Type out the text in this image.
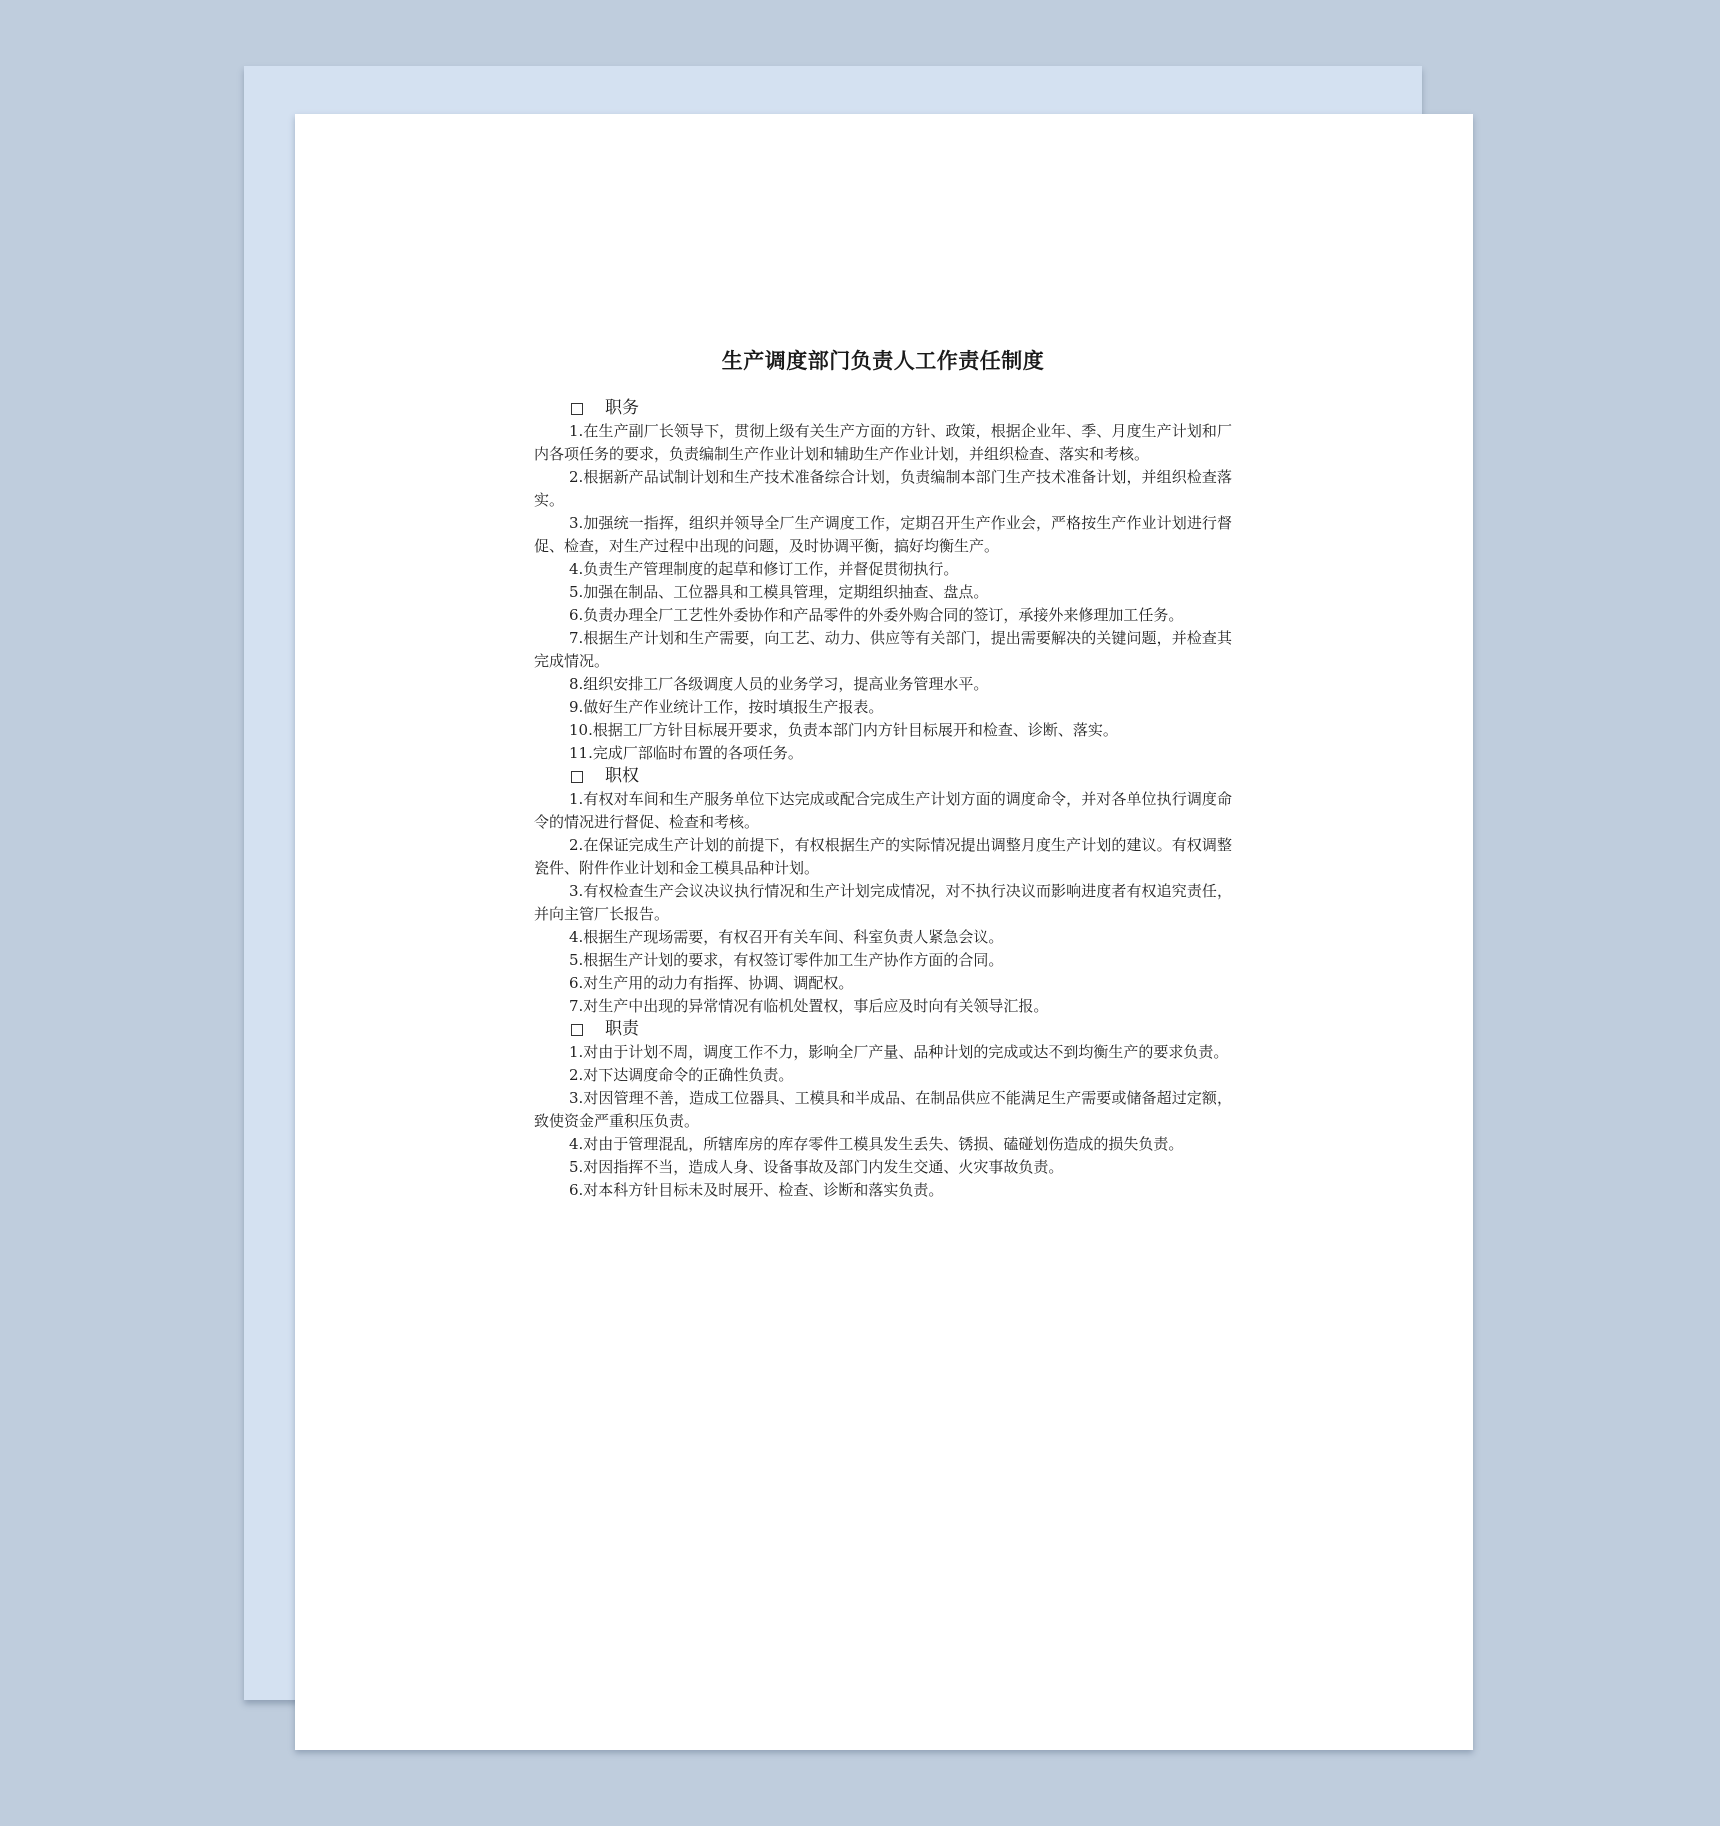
生产调度部门负责人工作责任制度
职务

1.在生产副厂长领导下，贯彻上级有关生产方面的方针、政策，根据企业年、季、月度生产计划和厂内各项任务的要求，负责编制生产作业计划和辅助生产作业计划，并组织检查、落实和考核。

2.根据新产品试制计划和生产技术准备综合计划，负责编制本部门生产技术准备计划，并组织检查落实。

3.加强统一指挥，组织并领导全厂生产调度工作，定期召开生产作业会，严格按生产作业计划进行督促、检查，对生产过程中出现的问题，及时协调平衡，搞好均衡生产。

4.负责生产管理制度的起草和修订工作，并督促贯彻执行。

5.加强在制品、工位器具和工模具管理，定期组织抽查、盘点。

6.负责办理全厂工艺性外委协作和产品零件的外委外购合同的签订，承接外来修理加工任务。

7.根据生产计划和生产需要，向工艺、动力、供应等有关部门，提出需要解决的关键问题，并检查其完成情况。

8.组织安排工厂各级调度人员的业务学习，提高业务管理水平。

9.做好生产作业统计工作，按时填报生产报表。

10.根据工厂方针目标展开要求，负责本部门内方针目标展开和检查、诊断、落实。

11.完成厂部临时布置的各项任务。

职权

1.有权对车间和生产服务单位下达完成或配合完成生产计划方面的调度命令，并对各单位执行调度命令的情况进行督促、检查和考核。

2.在保证完成生产计划的前提下，有权根据生产的实际情况提出调整月度生产计划的建议。有权调整瓷件、附件作业计划和金工模具品种计划。

3.有权检查生产会议决议执行情况和生产计划完成情况，对不执行决议而影响进度者有权追究责任，并向主管厂长报告。

4.根据生产现场需要，有权召开有关车间、科室负责人紧急会议。

5.根据生产计划的要求，有权签订零件加工生产协作方面的合同。

6.对生产用的动力有指挥、协调、调配权。

7.对生产中出现的异常情况有临机处置权，事后应及时向有关领导汇报。

职责

1.对由于计划不周，调度工作不力，影响全厂产量、品种计划的完成或达不到均衡生产的要求负责。

2.对下达调度命令的正确性负责。

3.对因管理不善，造成工位器具、工模具和半成品、在制品供应不能满足生产需要或储备超过定额，致使资金严重积压负责。

4.对由于管理混乱，所辖库房的库存零件工模具发生丢失、锈损、磕碰划伤造成的损失负责。

5.对因指挥不当，造成人身、设备事故及部门内发生交通、火灾事故负责。

6.对本科方针目标未及时展开、检查、诊断和落实负责。
